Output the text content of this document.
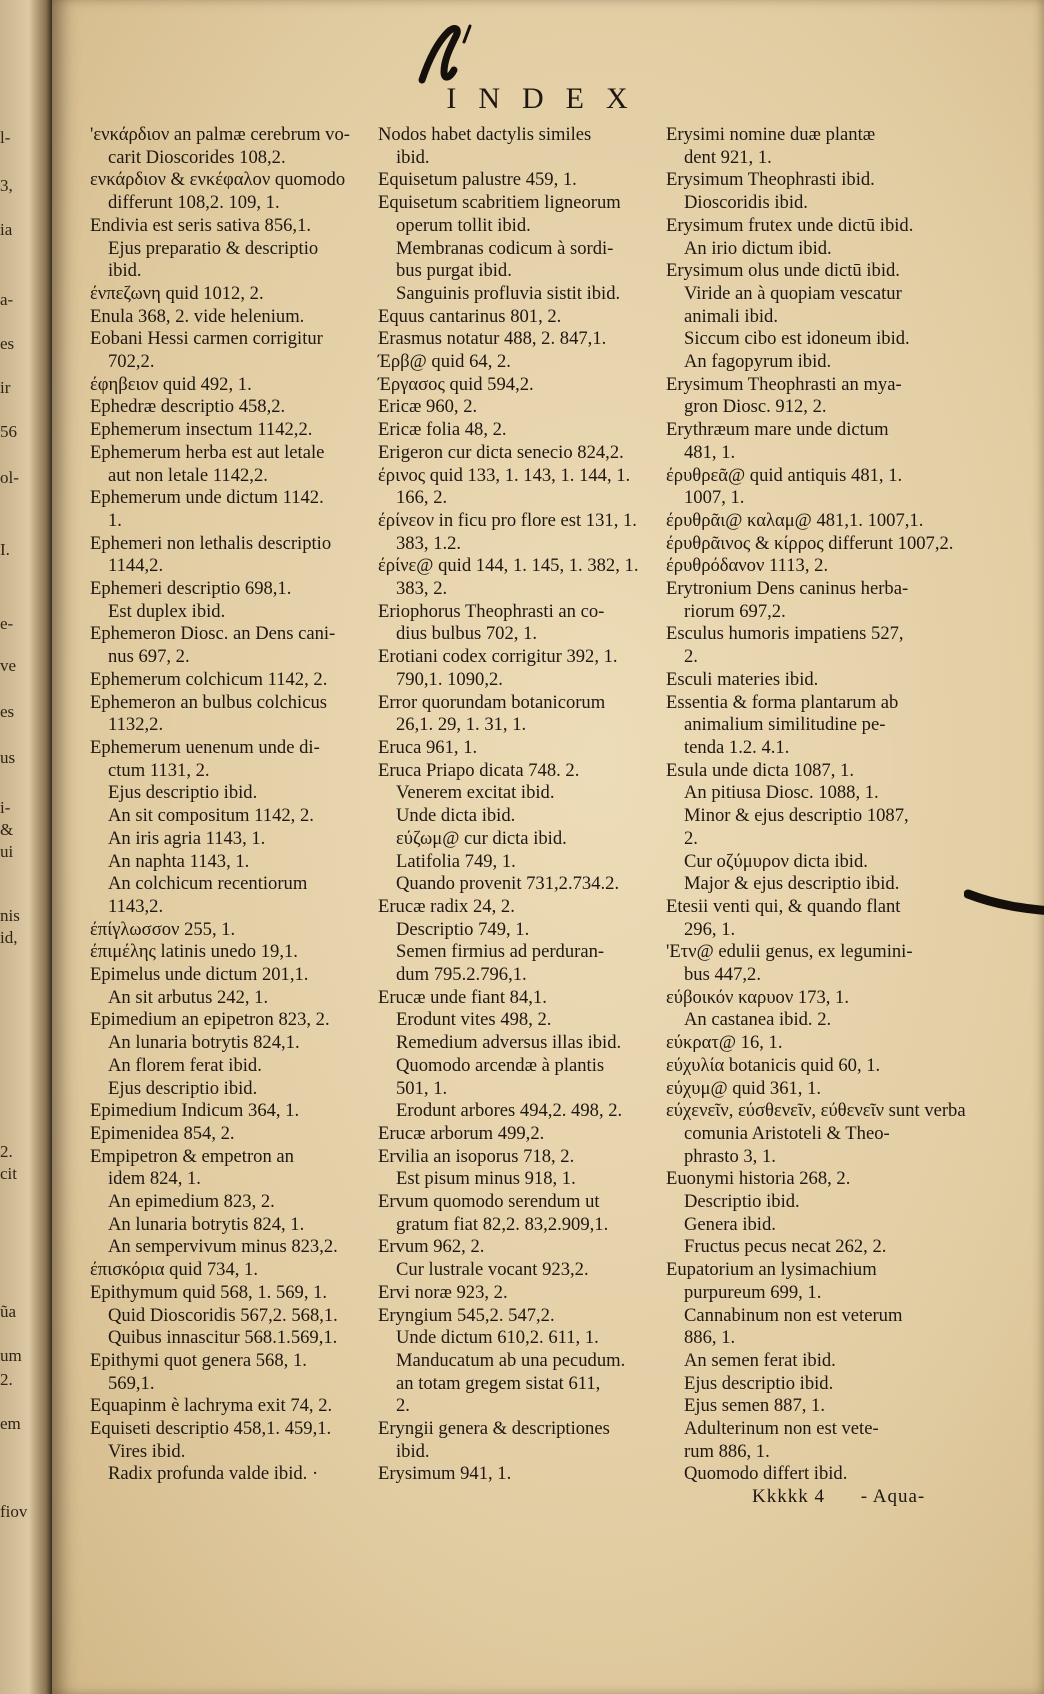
l-
3,
ia
a-
es
ir
56
ol-
I.
e-
ve
es
us
i-
&
ui
nis
id,
2.
cit
ũa
um
2.
em
fiov
INDEX
'ενκάρδιον an palmæ cerebrum vo-
carit Dioscorides 108,2.
ενκάρδιον & ενκέφαλον quomodo
differunt 108,2. 109, 1.
Endivia est seris sativa 856,1.
Ejus preparatio & descriptio
ibid.
ένπεζωνη quid 1012, 2.
Enula 368, 2. vide helenium.
Eobani Hessi carmen corrigitur
702,2.
έφηβειον quid 492, 1.
Ephedræ descriptio 458,2.
Ephemerum insectum 1142,2.
Ephemerum herba est aut letale
aut non letale 1142,2.
Ephemerum unde dictum 1142.
1.
Ephemeri non lethalis descriptio
1144,2.
Ephemeri descriptio 698,1.
Est duplex ibid.
Ephemeron Diosc. an Dens cani-
nus 697, 2.
Ephemerum colchicum 1142, 2.
Ephemeron an bulbus colchicus
1132,2.
Ephemerum uenenum unde di-
ctum 1131, 2.
Ejus descriptio ibid.
An sit compositum 1142, 2.
An iris agria 1143, 1.
An naphta 1143, 1.
An colchicum recentiorum
1143,2.
έπίγλωσσον 255, 1.
έπιμέλης latinis unedo 19,1.
Epimelus unde dictum 201,1.
An sit arbutus 242, 1.
Epimedium an epipetron 823, 2.
An lunaria botrytis 824,1.
An florem ferat ibid.
Ejus descriptio ibid.
Epimedium Indicum 364, 1.
Epimenidea 854, 2.
Empipetron & empetron an
idem 824, 1.
An epimedium 823, 2.
An lunaria botrytis 824, 1.
An sempervivum minus 823,2.
έπισκόρια quid 734, 1.
Epithymum quid 568, 1. 569, 1.
Quid Dioscoridis 567,2. 568,1.
Quibus innascitur 568.1.569,1.
Epithymi quot genera 568, 1.
569,1.
Equapinm è lachryma exit 74, 2.
Equiseti descriptio 458,1. 459,1.
Vires ibid.
Radix profunda valde ibid. ·
Nodos habet dactylis similes
ibid.
Equisetum palustre 459, 1.
Equisetum scabritiem ligneorum
operum tollit ibid.
Membranas codicum à sordi-
bus purgat ibid.
Sanguinis profluvia sistit ibid.
Equus cantarinus 801, 2.
Erasmus notatur 488, 2. 847,1.
Έρβ@ quid 64, 2.
Έργασος quid 594,2.
Ericæ 960, 2.
Ericæ folia 48, 2.
Erigeron cur dicta senecio 824,2.
έρινος quid 133, 1. 143, 1. 144, 1.
166, 2.
έρίνεον in ficu pro flore est 131, 1.
383, 1.2.
έρίνε@ quid 144, 1. 145, 1. 382, 1.
383, 2.
Eriophorus Theophrasti an co-
dius bulbus 702, 1.
Erotiani codex corrigitur 392, 1.
790,1. 1090,2.
Error quorundam botanicorum
26,1. 29, 1. 31, 1.
Eruca 961, 1.
Eruca Priapo dicata 748. 2.
Venerem excitat ibid.
Unde dicta ibid.
εύζωμ@ cur dicta ibid.
Latifolia 749, 1.
Quando provenit 731,2.734.2.
Erucæ radix 24, 2.
Descriptio 749, 1.
Semen firmius ad perduran-
dum 795.2.796,1.
Erucæ unde fiant 84,1.
Erodunt vites 498, 2.
Remedium adversus illas ibid.
Quomodo arcendæ à plantis
501, 1.
Erodunt arbores 494,2. 498, 2.
Erucæ arborum 499,2.
Ervilia an isoporus 718, 2.
Est pisum minus 918, 1.
Ervum quomodo serendum ut
gratum fiat 82,2. 83,2.909,1.
Ervum 962, 2.
Cur lustrale vocant 923,2.
Ervi noræ 923, 2.
Eryngium 545,2. 547,2.
Unde dictum 610,2. 611, 1.
Manducatum ab una pecudum.
an totam gregem sistat 611,
2.
Eryngii genera & descriptiones
ibid.
Erysimum 941, 1.
Erysimi nomine duæ plantæ
dent 921, 1.
Erysimum Theophrasti ibid.
Dioscoridis ibid.
Erysimum frutex unde dictū ibid.
An irio dictum ibid.
Erysimum olus unde dictū ibid.
Viride an à quopiam vescatur
animali ibid.
Siccum cibo est idoneum ibid.
An fagopyrum ibid.
Erysimum Theophrasti an mya-
gron Diosc. 912, 2.
Erythræum mare unde dictum
481, 1.
έρυθρεᾶ@ quid antiquis 481, 1.
1007, 1.
έρυθρᾶι@ καλαμ@ 481,1. 1007,1.
έρυθρᾶινος & κίρρος differunt 1007,2.
έρυθρόδανον 1113, 2.
Erytronium Dens caninus herba-
riorum 697,2.
Esculus humoris impatiens 527,
2.
Esculi materies ibid.
Essentia & forma plantarum ab
animalium similitudine pe-
tenda 1.2. 4.1.
Esula unde dicta 1087, 1.
An pitiusa Diosc. 1088, 1.
Minor & ejus descriptio 1087,
2.
Cur οζύμυρον dicta ibid.
Major & ejus descriptio ibid.
Etesii venti qui, & quando flant
296, 1.
'Ετν@ edulii genus, ex legumini-
bus 447,2.
εύβοικόν καρυον 173, 1.
An castanea ibid. 2.
εύκρατ@ 16, 1.
εύχυλία botanicis quid 60, 1.
εύχυμ@ quid 361, 1.
εύχενεῖν, εύσθενεῖν, εύθενεῖν sunt verba
comunia Aristoteli & Theo-
phrasto 3, 1.
Euonymi historia 268, 2.
Descriptio ibid.
Genera ibid.
Fructus pecus necat 262, 2.
Eupatorium an lysimachium
purpureum 699, 1.
Cannabinum non est veterum
886, 1.
An semen ferat ibid.
Ejus descriptio ibid.
Ejus semen 887, 1.
Adulterinum non est vete-
rum 886, 1.
Quomodo differt ibid.
Kkkkk 4 - Aqua-
